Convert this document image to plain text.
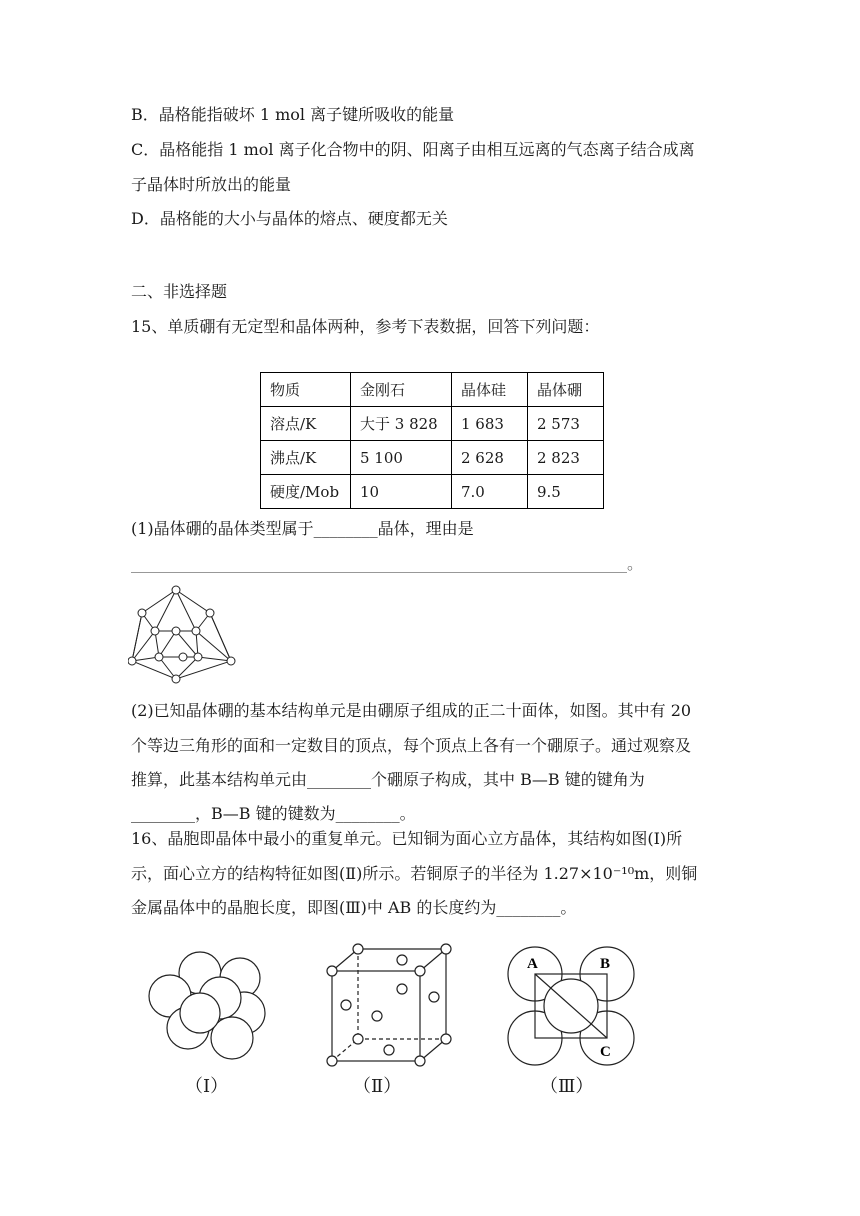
B．晶格能指破坏 1 mol 离子键所吸收的能量
C．晶格能指 1 mol 离子化合物中的阴、阳离子由相互远离的气态离子结合成离
子晶体时所放出的能量
D．晶格能的大小与晶体的熔点、硬度都无关
二、非选择题
15、单质硼有无定型和晶体两种，参考下表数据，回答下列问题：
物质	金刚石	晶体硅	晶体硼
溶点/K	大于 3 828	1 683	2 573
沸点/K	5 100	2 628	2 823
硬度/Mob	10	7.0	9.5
(1)晶体硼的晶体类型属于________晶体，理由是
______________________________________________________________。
(2)已知晶体硼的基本结构单元是由硼原子组成的正二十面体，如图。其中有 20
个等边三角形的面和一定数目的顶点，每个顶点上各有一个硼原子。通过观察及
推算，此基本结构单元由________个硼原子构成，其中 B—B 键的键角为
________，B—B 键的键数为________。
16、晶胞即晶体中最小的重复单元。已知铜为面心立方晶体，其结构如图(Ⅰ)所
示，面心立方的结构特征如图(Ⅱ)所示。若铜原子的半径为 1.27×10⁻¹⁰m，则铜
金属晶体中的晶胞长度，即图(Ⅲ)中 AB 的长度约为________。
A	B
C
（Ⅰ）	（Ⅱ）	（Ⅲ）
